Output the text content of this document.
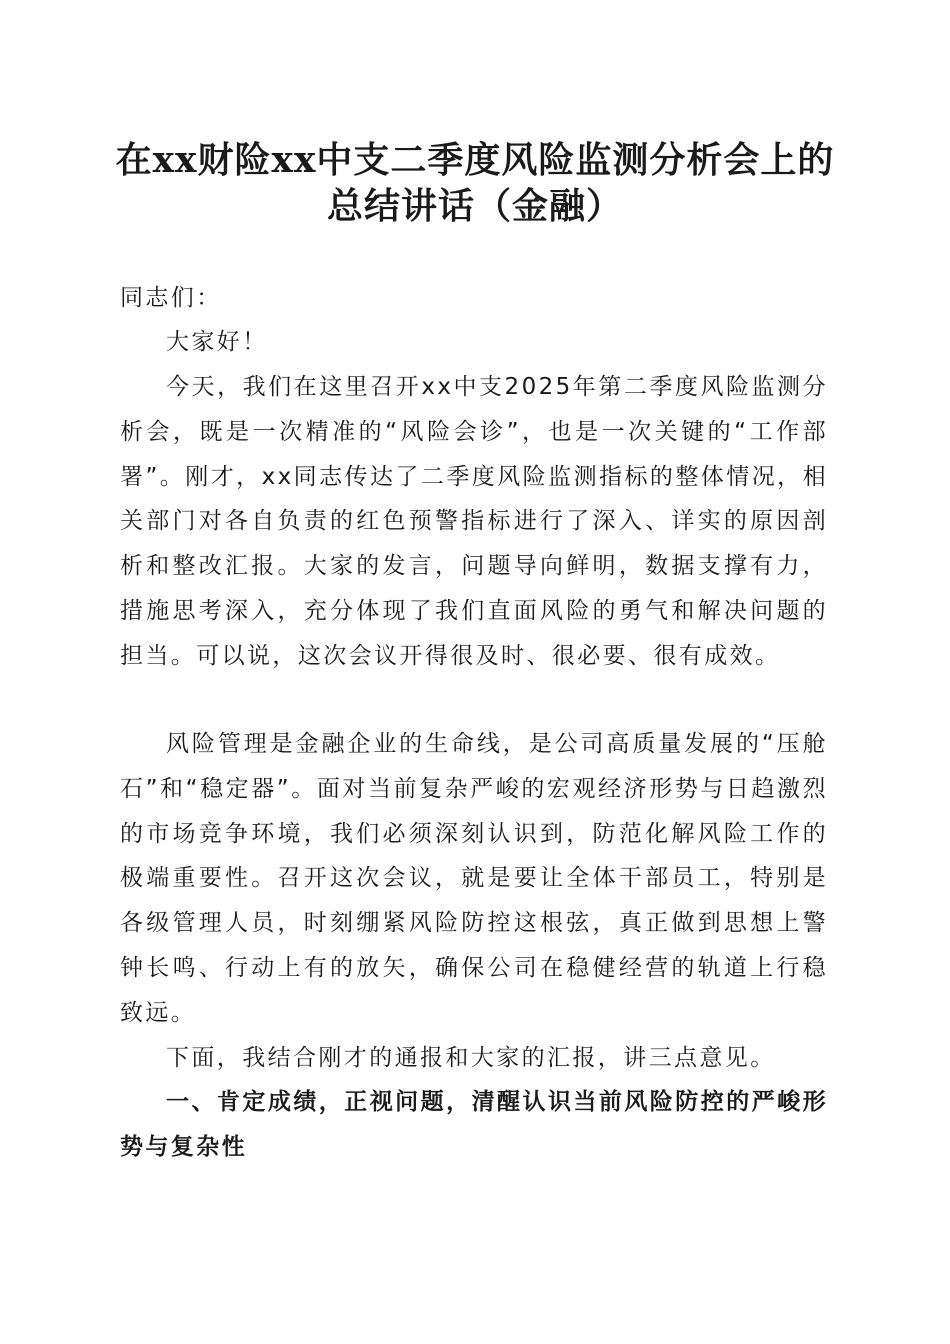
在xx财险xx中支二季度风险监测分析会上的
总结讲话（金融）

同志们：

大家好！

今天，我们在这里召开xx中支2025年第二季度风险监测分析会，既是一次精准的“风险会诊”，也是一次关键的“工作部署”。刚才，xx同志传达了二季度风险监测指标的整体情况，相关部门对各自负责的红色预警指标进行了深入、详实的原因剖析和整改汇报。大家的发言，问题导向鲜明，数据支撑有力，措施思考深入，充分体现了我们直面风险的勇气和解决问题的担当。可以说，这次会议开得很及时、很必要、很有成效。

风险管理是金融企业的生命线，是公司高质量发展的“压舱石”和“稳定器”。面对当前复杂严峻的宏观经济形势与日趋激烈的市场竞争环境，我们必须深刻认识到，防范化解风险工作的极端重要性。召开这次会议，就是要让全体干部员工，特别是各级管理人员，时刻绷紧风险防控这根弦，真正做到思想上警钟长鸣、行动上有的放矢，确保公司在稳健经营的轨道上行稳致远。

下面，我结合刚才的通报和大家的汇报，讲三点意见。

一、肯定成绩，正视问题，清醒认识当前风险防控的严峻形势与复杂性
